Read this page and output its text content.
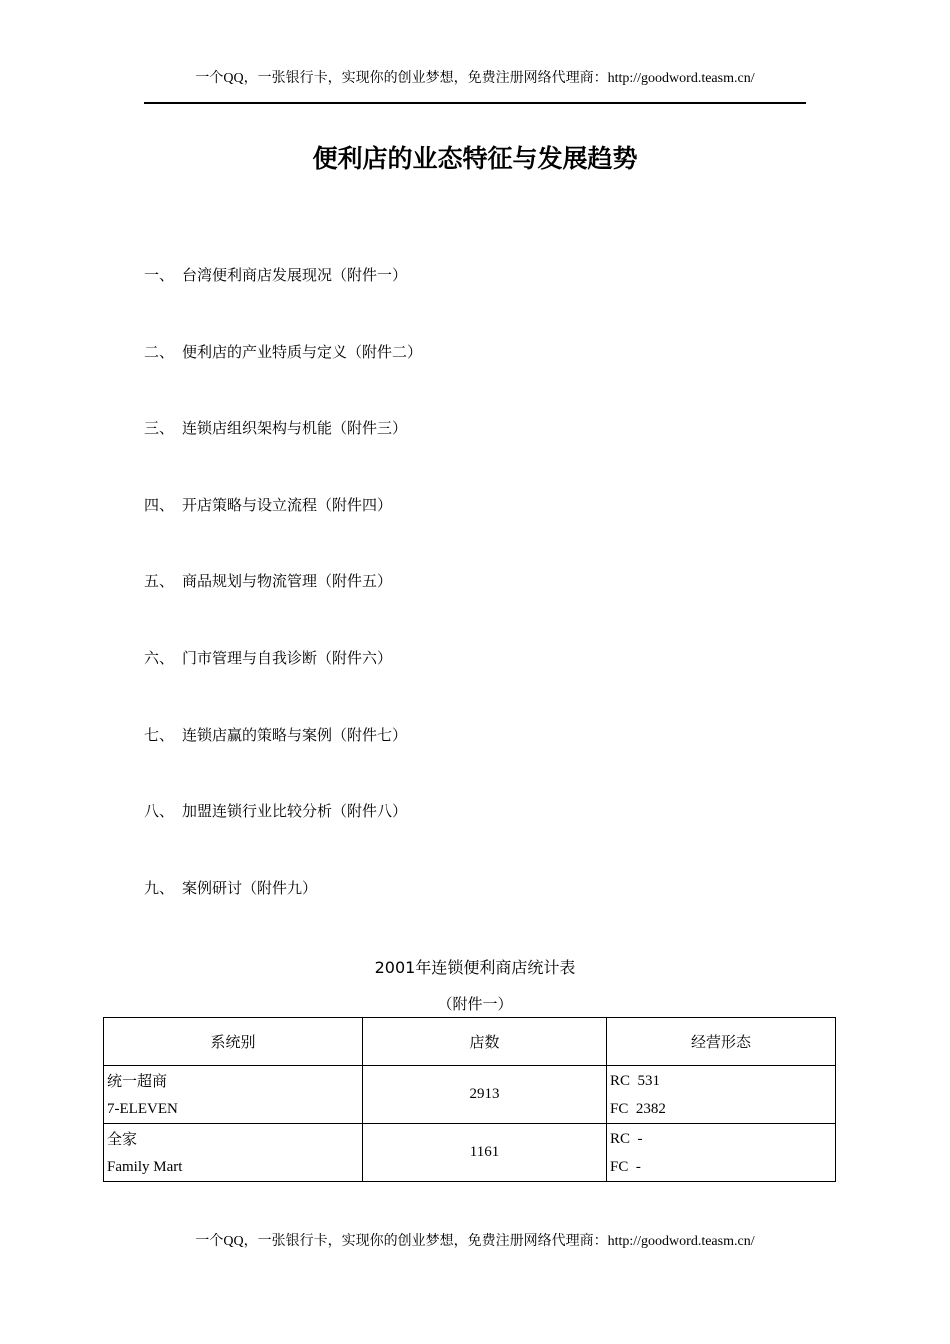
一个QQ，一张银行卡，实现你的创业梦想，免费注册网络代理商：http://goodword.teasm.cn/
便利店的业态特征与发展趋势
一、 台湾便利商店发展现况（附件一）
二、 便利店的产业特质与定义（附件二）
三、 连锁店组织架构与机能（附件三）
四、 开店策略与设立流程（附件四）
五、 商品规划与物流管理（附件五）
六、 门市管理与自我诊断（附件六）
七、 连锁店赢的策略与案例（附件七）
八、 加盟连锁行业比较分析（附件八）
九、 案例研讨（附件九）
2001年连锁便利商店统计表
（附件一）
系统别	店数	经营形态

统一超商
7-ELEVEN	2913	RC  531
FC  2382

全家
Family Mart	1161	RC  -
FC  -
一个QQ，一张银行卡，实现你的创业梦想，免费注册网络代理商：http://goodword.teasm.cn/
